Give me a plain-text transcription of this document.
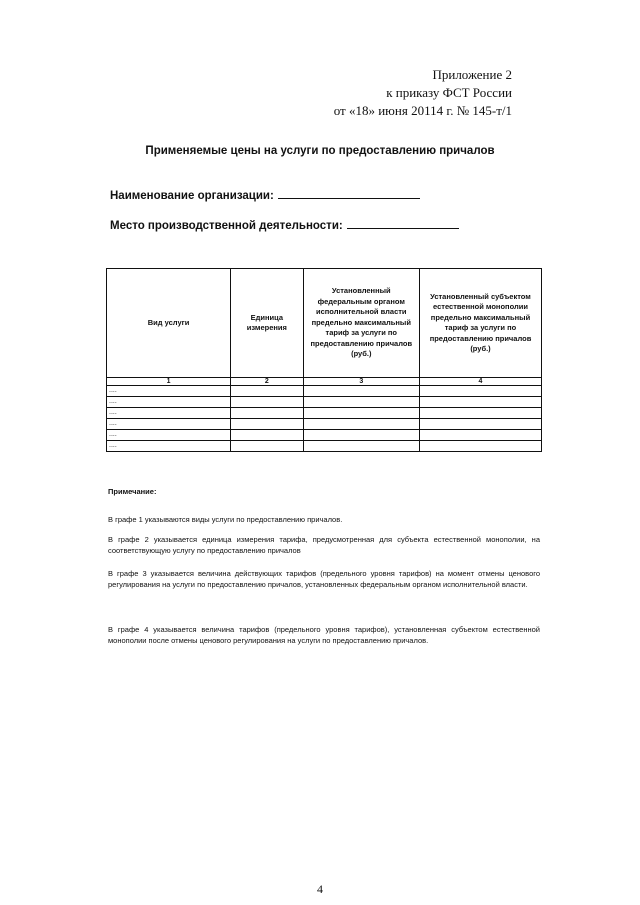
Приложение 2
к приказу ФСТ России
от «18» июня 20114 г. № 145-т/1
Применяемые цены на услуги по предоставлению причалов
Наименование организации:
Место производственной деятельности:
Вид услуги	Единица измерения	Установленный федеральным органом исполнительной власти предельно максимальный тариф за услуги по предоставлению причалов (руб.)	Установленный субъектом естественной монополии предельно максимальный тариф за услуги по предоставлению причалов (руб.)
1	2	3	4
....			
....			
....			
....			
....			
....			
Примечание:
В графе 1 указываются виды услуги по предоставлению причалов.
В графе 2 указывается единица измерения тарифа, предусмотренная для субъекта естественной монополии, на соответствующую услугу по предоставлению причалов
В графе 3 указывается величина действующих тарифов (предельного уровня тарифов) на момент отмены ценового регулирования на услуги по предоставлению причалов, установленных федеральным органом исполнительной власти.
В графе 4 указывается величина тарифов (предельного уровня тарифов), установленная субъектом естественной монополии после отмены ценового регулирования на услуги по предоставлению причалов.
4
